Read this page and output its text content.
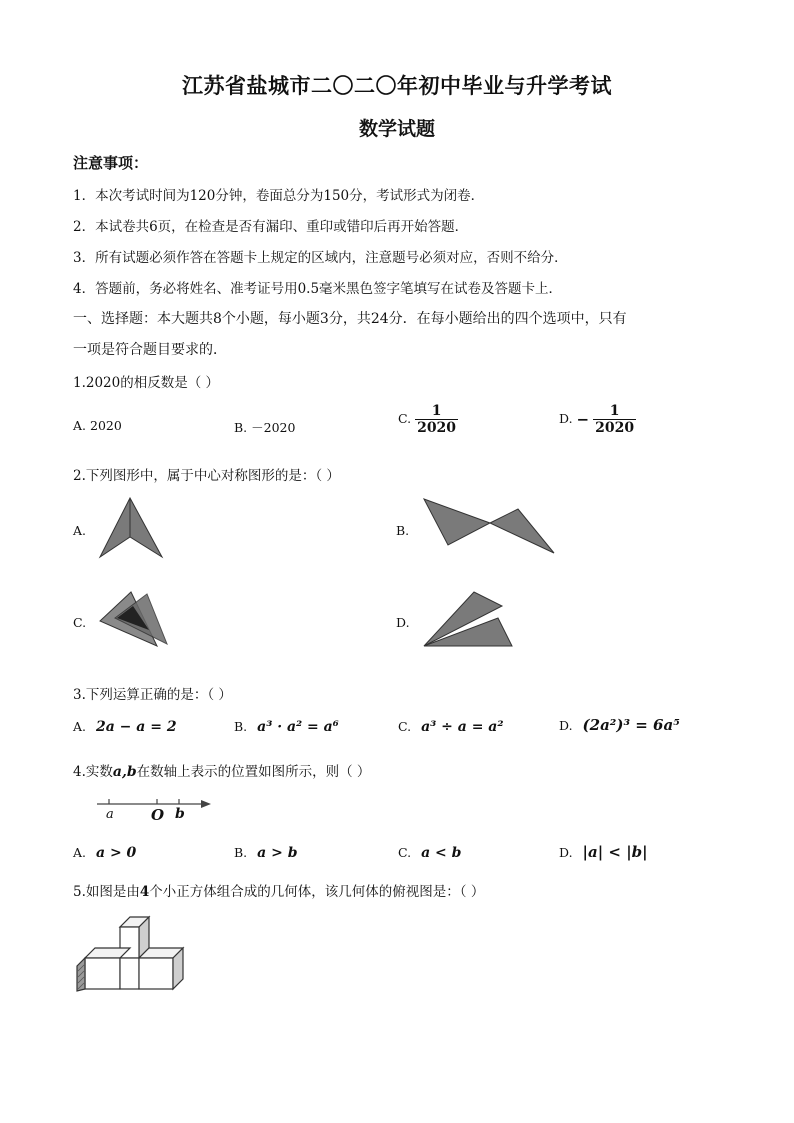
江苏省盐城市二〇二〇年初中毕业与升学考试
数学试题
注意事项：
1．本次考试时间为120分钟，卷面总分为150分，考试形式为闭卷．
2．本试卷共6页，在检查是否有漏印、重印或错印后再开始答题．
3．所有试题必须作答在答题卡上规定的区域内，注意题号必须对应，否则不给分．
4．答题前，务必将姓名、准考证号用0.5毫米黑色签字笔填写在试卷及答题卡上．
一、选择题：本大题共8个小题，每小题3分，共24分．在每小题给出的四个选项中，只有
一项是符合题目要求的．
1.2020的相反数是（ ）
A. 2020	B. －2020
C. $\frac{1}{2020}$	D. − $\frac{1}{2020}$
2.下列图形中，属于中心对称图形的是：（ ）
A.	B.
C.	D.
3.下列运算正确的是：（ ）
A. 2a − a = 2	B. a³ · a² = a⁶	C. a³ ÷ a = a²	D. (2a²)³ = 6a⁵
4.实数a,b在数轴上表示的位置如图所示，则（ ）
a O b
A. a > 0	B. a > b	C. a < b	D. |a| < |b|
5.如图是由4个小正方体组合成的几何体，该几何体的俯视图是：（ ）
